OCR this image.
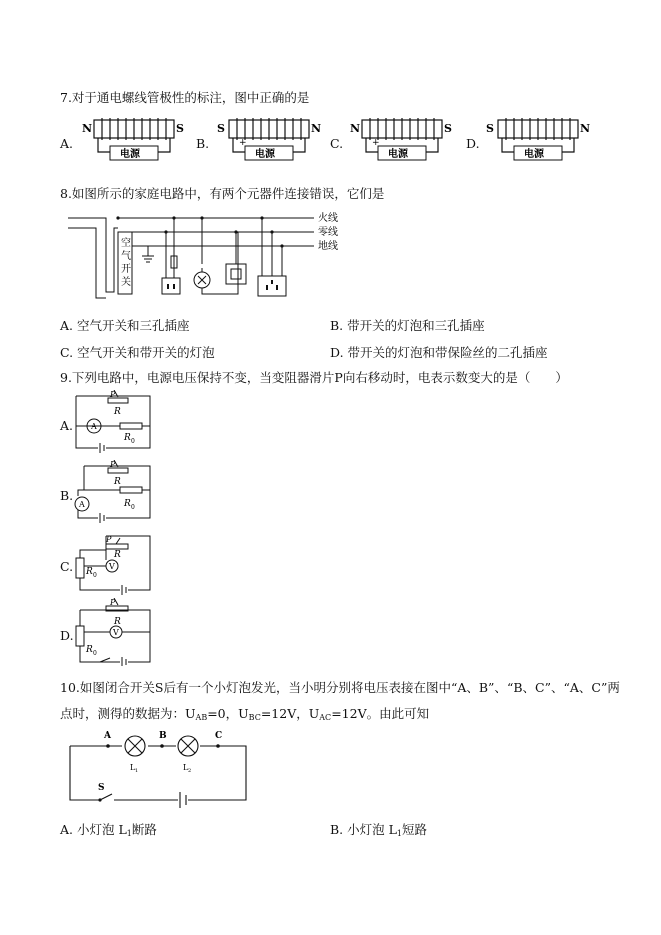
7.对于通电螺线管极性的标注，图中正确的是
A.
N
电源
S
B.
S
+
电源
N
C.
N
+
电源
S
D.
S
电源
N
8.如图所示的家庭电路中，有两个元器件连接错误，它们是
空
气
开
关
火线
零线
地线
A. 空气开关和三孔插座	B. 带开关的灯泡和三孔插座
C. 空气开关和带开关的灯泡	D. 带开关的灯泡和带保险丝的二孔插座
9.下列电路中，电源电压保持不变，当变阻器滑片P向右移动时，电表示数变大的是（　　）
A.
P
R
A
R 0
B.
P
R
A	R 0
C.
P
R
R 0
V
D.
P
R
R 0
V
10.如图闭合开关S后有一个小灯泡发光，当小明分别将电压表接在图中“A、B”、“B、C”、“A、C”两
点时，测得的数据为：$U_{AB}=0$，$U_{BC}=12V$，$U_{AC}=12V$。由此可知
A	B	C
S
L 1	L 2
A. 小灯泡 $L_1$断路	B. 小灯泡 $L_1$短路
